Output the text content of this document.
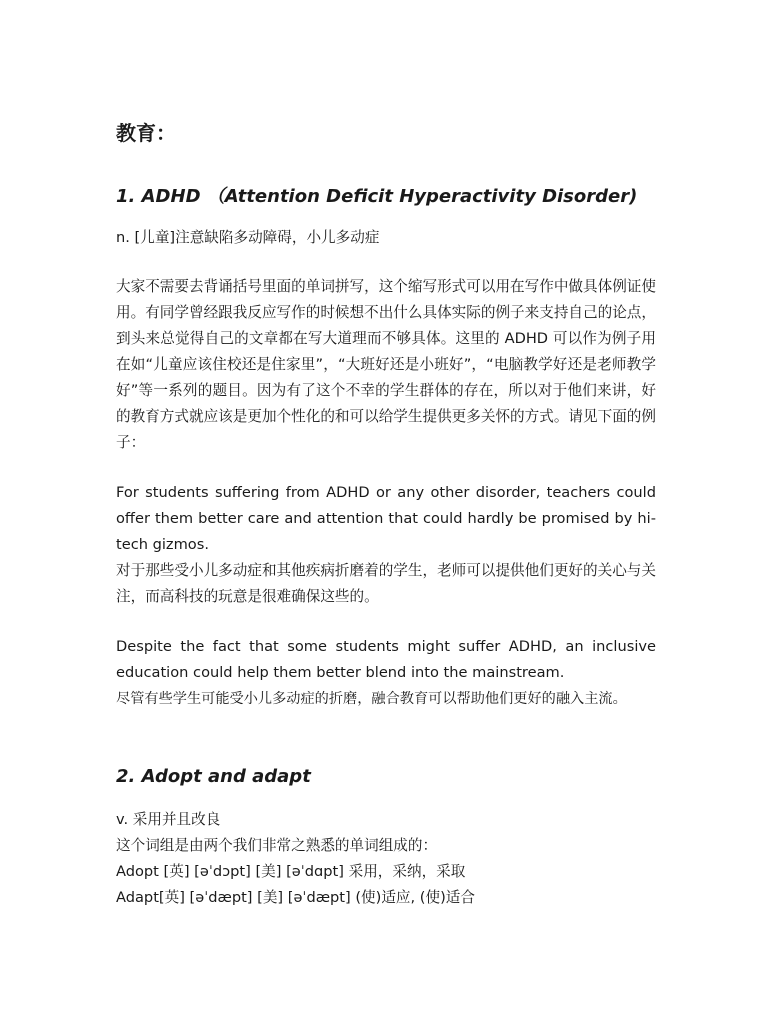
教育：
1. ADHD （Attention Deficit Hyperactivity Disorder)
n. [儿童]注意缺陷多动障碍，小儿多动症
大家不需要去背诵括号里面的单词拼写，这个缩写形式可以用在写作中做具体例证使用。有同学曾经跟我反应写作的时候想不出什么具体实际的例子来支持自己的论点，到头来总觉得自己的文章都在写大道理而不够具体。这里的 ADHD 可以作为例子用在如“儿童应该住校还是住家里”，“大班好还是小班好”，“电脑教学好还是老师教学好”等一系列的题目。因为有了这个不幸的学生群体的存在，所以对于他们来讲，好的教育方式就应该是更加个性化的和可以给学生提供更多关怀的方式。请见下面的例子：
For students suffering from ADHD or any other disorder, teachers could offer them better care and attention that could hardly be promised by hi-tech gizmos.
对于那些受小儿多动症和其他疾病折磨着的学生，老师可以提供他们更好的关心与关注，而高科技的玩意是很难确保这些的。
Despite the fact that some students might suffer ADHD, an inclusive education could help them better blend into the mainstream.
尽管有些学生可能受小儿多动症的折磨，融合教育可以帮助他们更好的融入主流。
2. Adopt and adapt
v. 采用并且改良
这个词组是由两个我们非常之熟悉的单词组成的：
Adopt [英] [əˈdɔpt] [美] [əˈdɑpt] 采用，采纳，采取
Adapt[英] [əˈdæpt] [美] [əˈdæpt] (使)适应, (使)适合
